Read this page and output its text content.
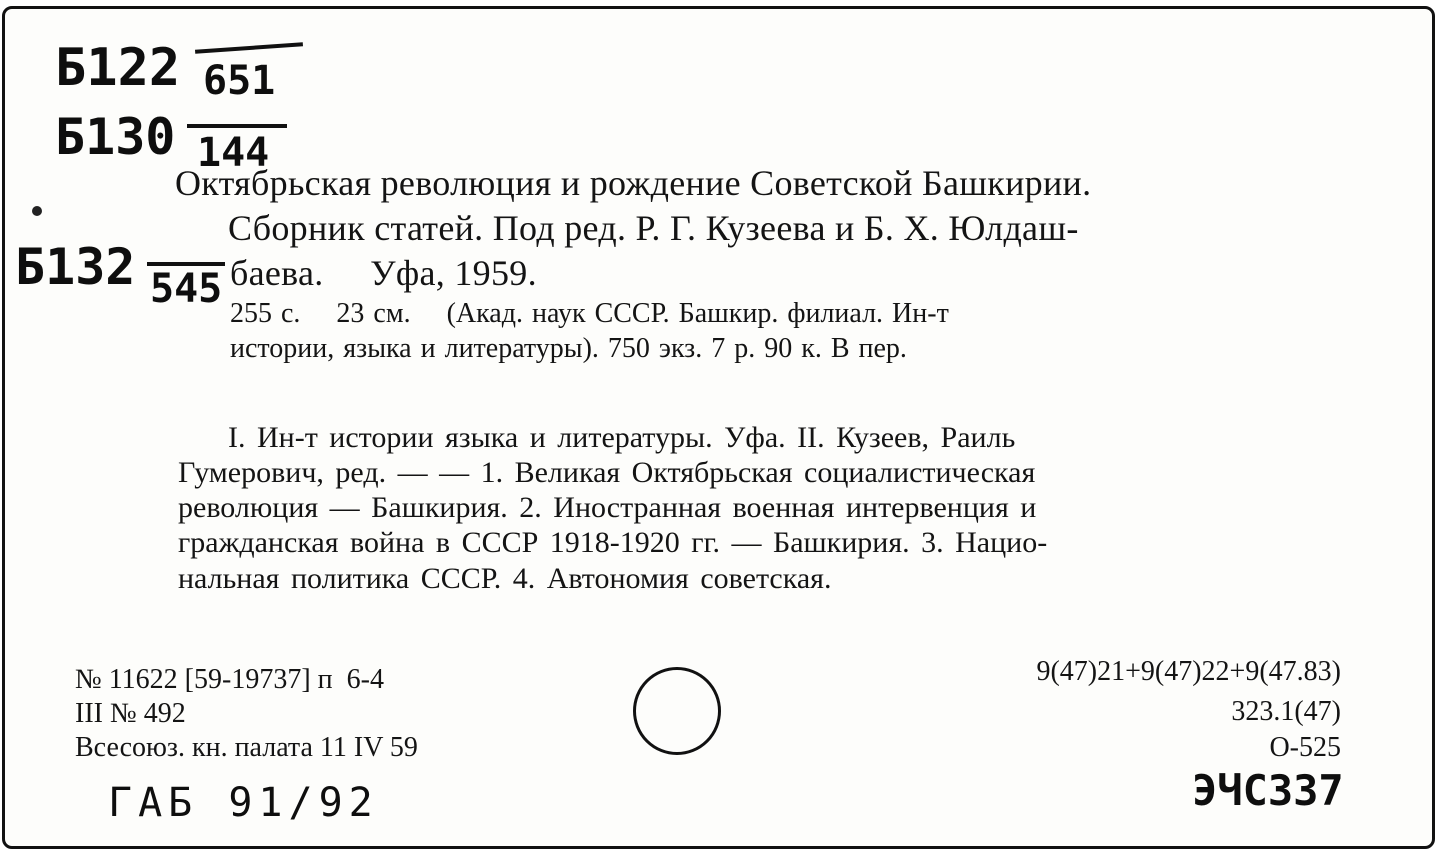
Б122 651
Б130 144
Б132 545
Октябрьская революция и рождение Советской Башкирии.
Сборник статей. Под ред. Р. Г. Кузеева и Б. Х. Юлдаш-
баева.     Уфа, 1959.
255 с.    23 см.    (Акад. наук СССР. Башкир. филиал. Ин-т
истории, языка и литературы). 750 экз. 7 р. 90 к. В пер.
I. Ин-т истории языка и литературы. Уфа. II. Кузеев, Раиль
Гумерович, ред. — — 1. Великая Октябрьская социалистическая
революция — Башкирия. 2. Иностранная военная интервенция и
гражданская война в СССР 1918-1920 гг. — Башкирия. 3. Нацио-
нальная политика СССР. 4. Автономия советская.
№ 11622 [59-19737] п  6-4
III № 492
Всесоюз. кн. палата 11 IV 59
9(47)21+9(47)22+9(47.83)
323.1(47)
О-525
ГАБ 91/92	ЭЧС337
